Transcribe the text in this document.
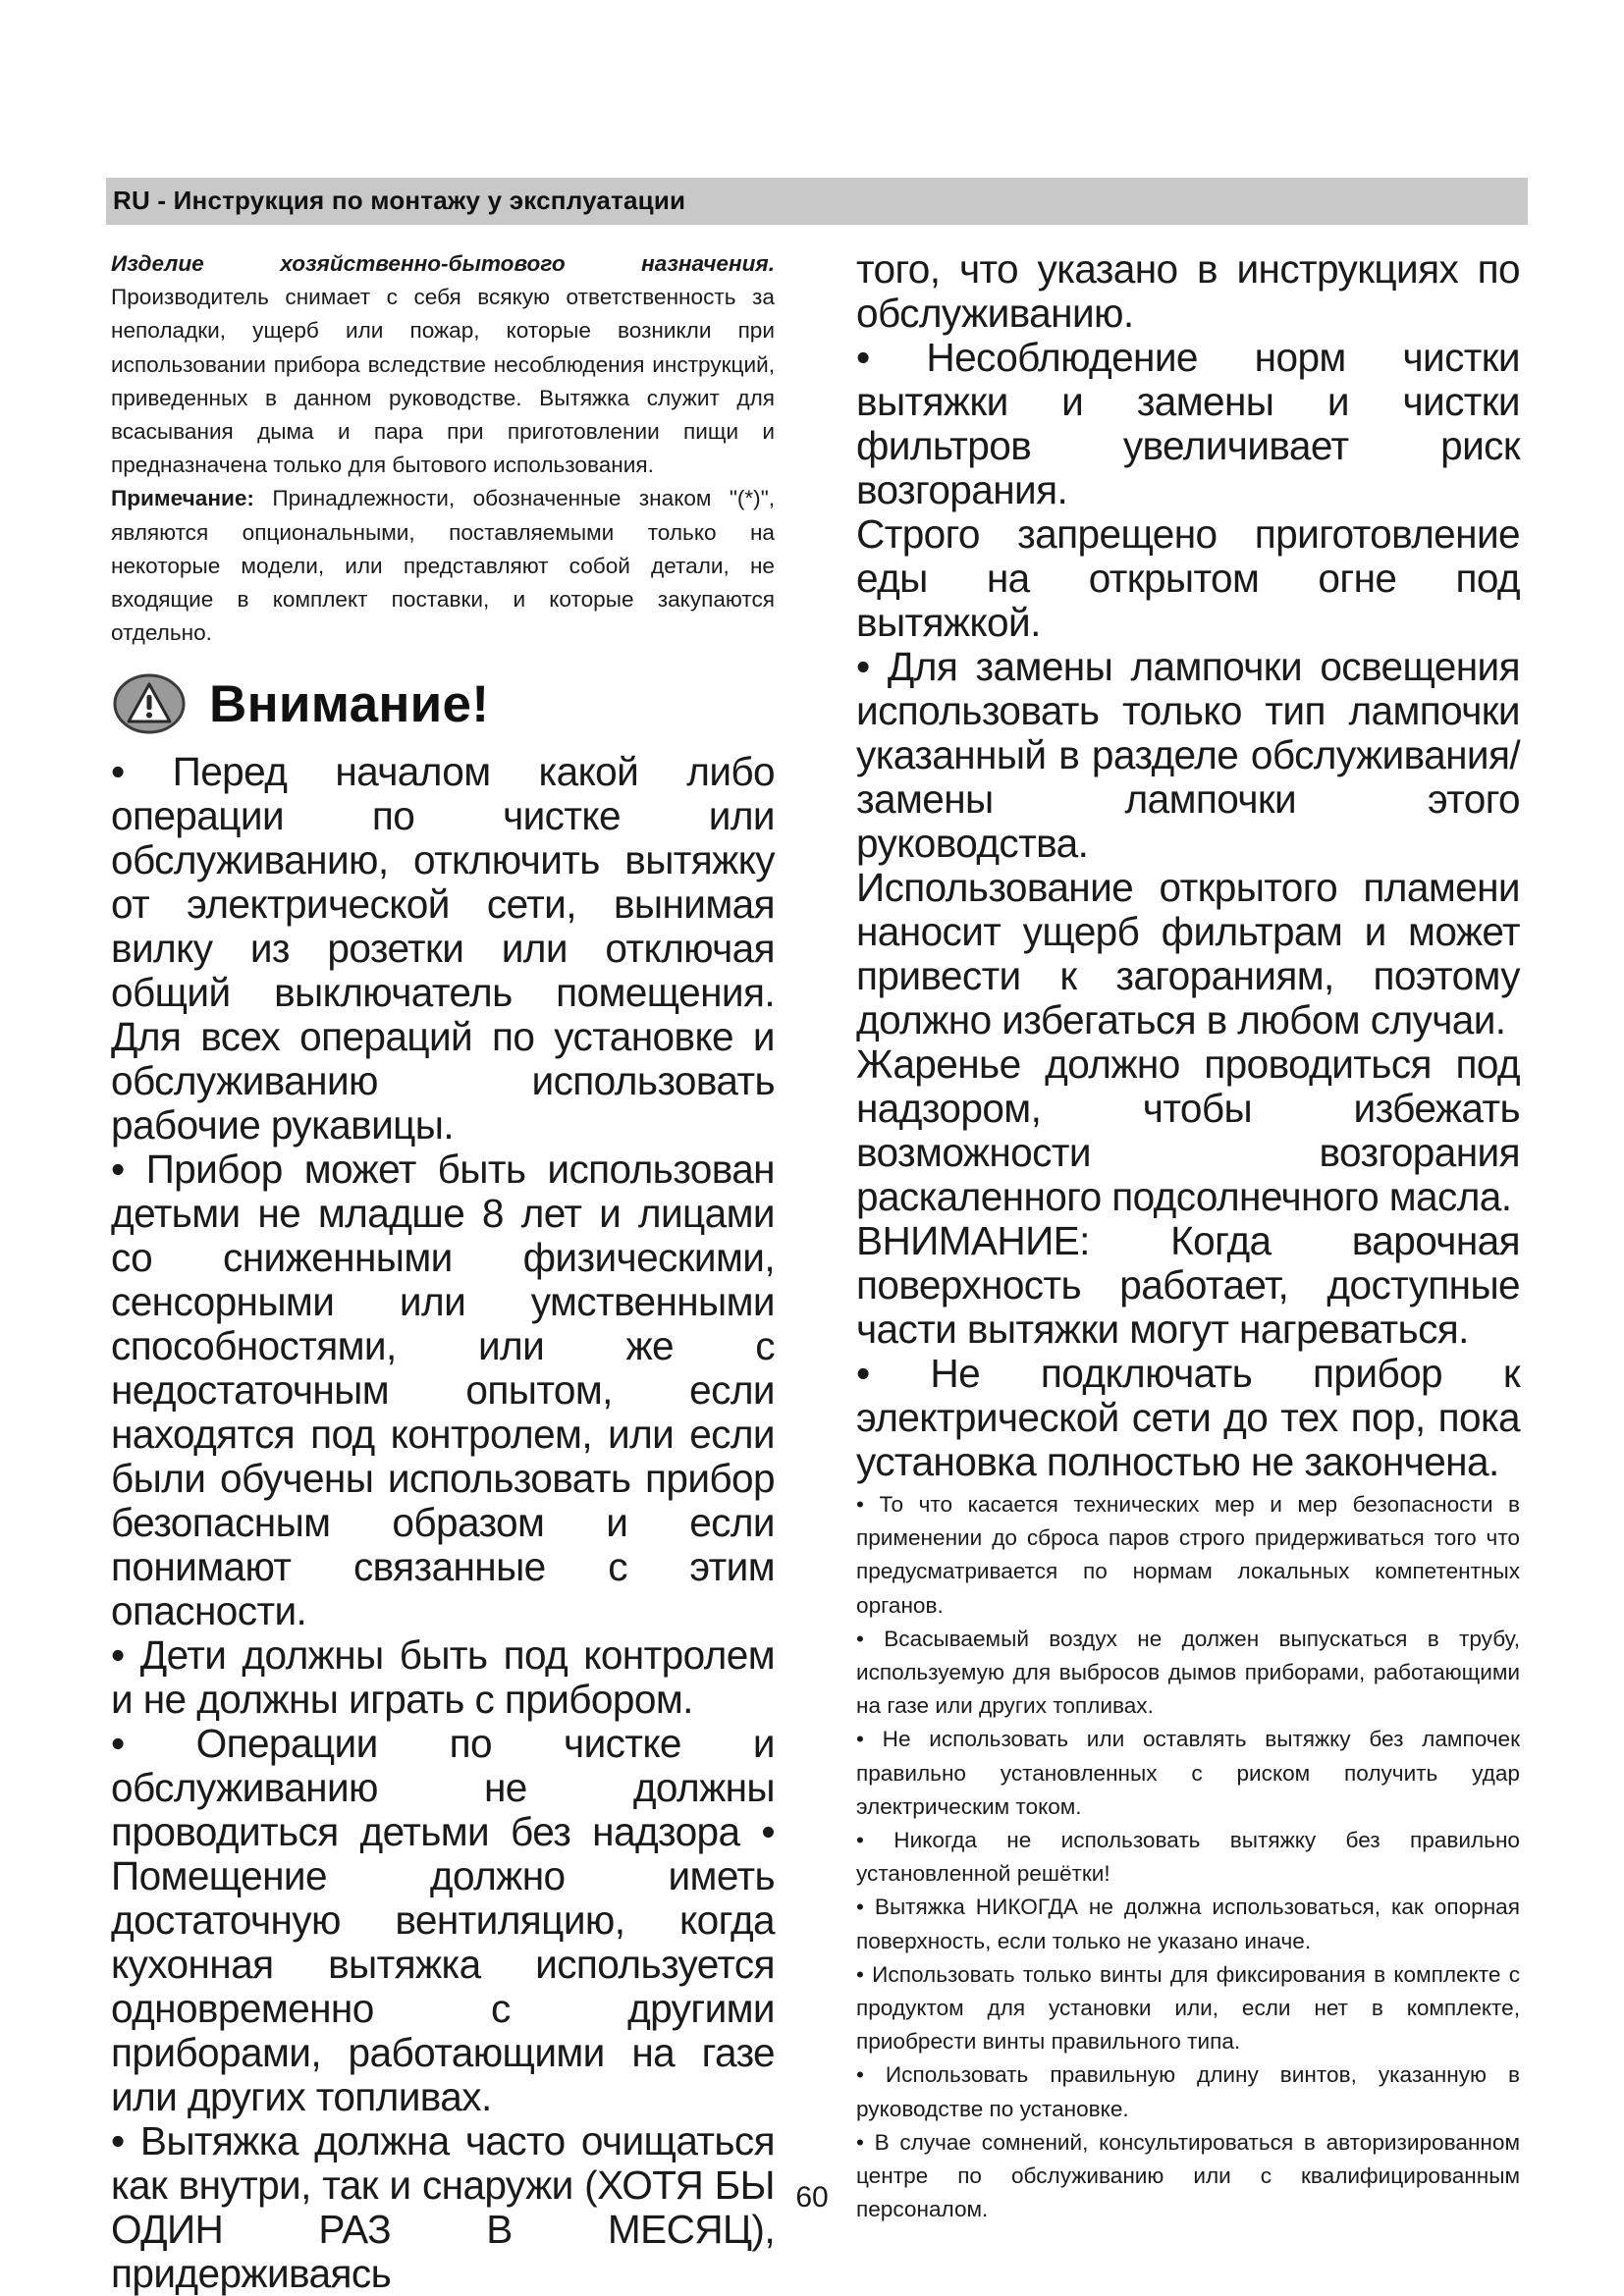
RU - Инструкция по монтажу у эксплуатации

Изделие хозяйственно-бытового назначения.

Производитель снимает с себя всякую ответственность за неполадки, ущерб или пожар, которые возникли при использовании прибора вследствие несоблюдения инструкций, приведенных в данном руководстве. Вытяжка служит для всасывания дыма и пара при приготовлении пищи и предназначена только для бытового использования.

Примечание: Принадлежности, обозначенные знаком "(*)", являются опциональными, поставляемыми только на некоторые модели, или представляют собой детали, не входящие в комплект поставки, и которые закупаются отдельно.

Внимание!

• Перед началом какой либо операции по чистке или обслуживанию, отключить вытяжку от электрической сети, вынимая вилку из розетки или отключая общий выключатель помещения. Для всех операций по установке и обслуживанию использовать рабочие рукавицы.

• Прибор может быть использован детьми не младше 8 лет и лицами со сниженными физическими, сенсорными или умственными способностями, или же с недостаточным опытом, если находятся под контролем, или если были обучены использовать прибор безопасным образом и если понимают связанные с этим опасности.

• Дети должны быть под контролем и не должны играть с прибором.

• Операции по чистке и обслуживанию не должны проводиться детьми без надзора • Помещение должно иметь достаточную вентиляцию, когда кухонная вытяжка используется одновременно с другими приборами, работающими на газе или других топливах.

• Вытяжка должна часто очищаться как внутри, так и снаружи (ХОТЯ БЫ ОДИН РАЗ В МЕСЯЦ), придерживаясь

того, что указано в инструкциях по обслуживанию.

• Несоблюдение норм чистки вытяжки и замены и чистки фильтров увеличивает риск возгорания.

Строго запрещено приготовление еды на открытом огне под вытяжкой.

• Для замены лампочки освещения использовать только тип лампочки указанный в разделе обслуживания/замены лампочки этого руководства.

Использование открытого пламени наносит ущерб фильтрам и может привести к загораниям, поэтому должно избегаться в любом случаи.

Жаренье должно проводиться под надзором, чтобы избежать возможности возгорания раскаленного подсолнечного масла.

ВНИМАНИЕ: Когда варочная поверхность работает, доступные части вытяжки могут нагреваться.

• Не подключать прибор к электрической сети до тех пор, пока установка полностью не закончена.

• То что касается технических мер и мер безопасности в применении до сброса паров строго придерживаться того что предусматривается по нормам локальных компетентных органов.

• Всасываемый воздух не должен выпускаться в трубу, используемую для выбросов дымов приборами, работающими на газе или других топливах.

• Не использовать или оставлять вытяжку без лампочек правильно установленных с риском получить удар электрическим током.

• Никогда не использовать вытяжку без правильно установленной решётки!

• Вытяжка НИКОГДА не должна использоваться, как опорная поверхность, если только не указано иначе.

• Использовать только винты для фиксирования в комплекте с продуктом для установки или, если нет в комплекте, приобрести винты правильного типа.

• Использовать правильную длину винтов, указанную в руководстве по установке.

• В случае сомнений, консультироваться в авторизированном центре по обслуживанию или с квалифицированным персоналом.

60
